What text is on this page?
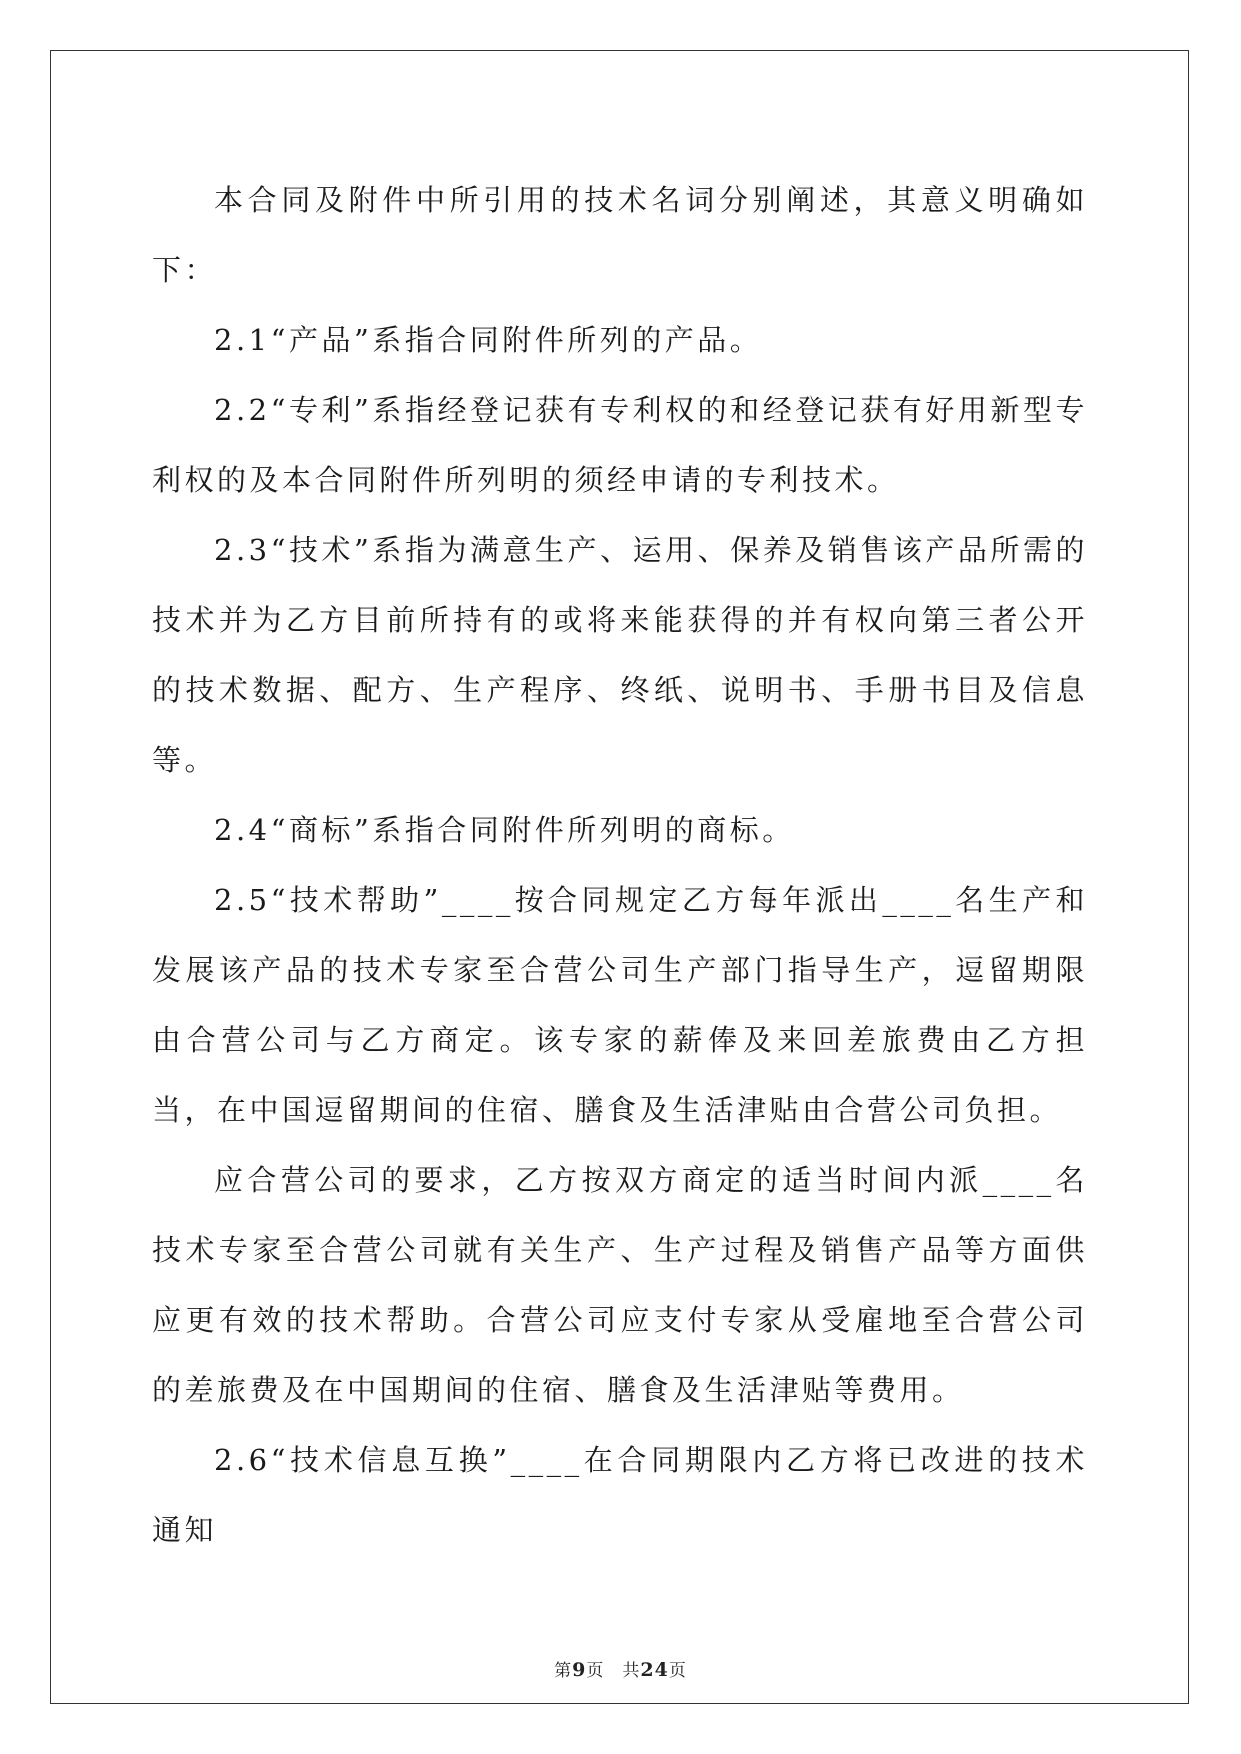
本合同及附件中所引用的技术名词分别阐述，其意义明确如下：

2.1“产品”系指合同附件所列的产品。

2.2“专利”系指经登记获有专利权的和经登记获有好用新型专利权的及本合同附件所列明的须经申请的专利技术。

2.3“技术”系指为满意生产、运用、保养及销售该产品所需的技术并为乙方目前所持有的或将来能获得的并有权向第三者公开的技术数据、配方、生产程序、终纸、说明书、手册书目及信息等。

2.4“商标”系指合同附件所列明的商标。

2.5“技术帮助”____按合同规定乙方每年派出____名生产和发展该产品的技术专家至合营公司生产部门指导生产，逗留期限由合营公司与乙方商定。该专家的薪俸及来回差旅费由乙方担当，在中国逗留期间的住宿、膳食及生活津贴由合营公司负担。

应合营公司的要求，乙方按双方商定的适当时间内派____名技术专家至合营公司就有关生产、生产过程及销售产品等方面供应更有效的技术帮助。合营公司应支付专家从受雇地至合营公司的差旅费及在中国期间的住宿、膳食及生活津贴等费用。

2.6“技术信息互换”____在合同期限内乙方将已改进的技术通知

第9页　共24页
